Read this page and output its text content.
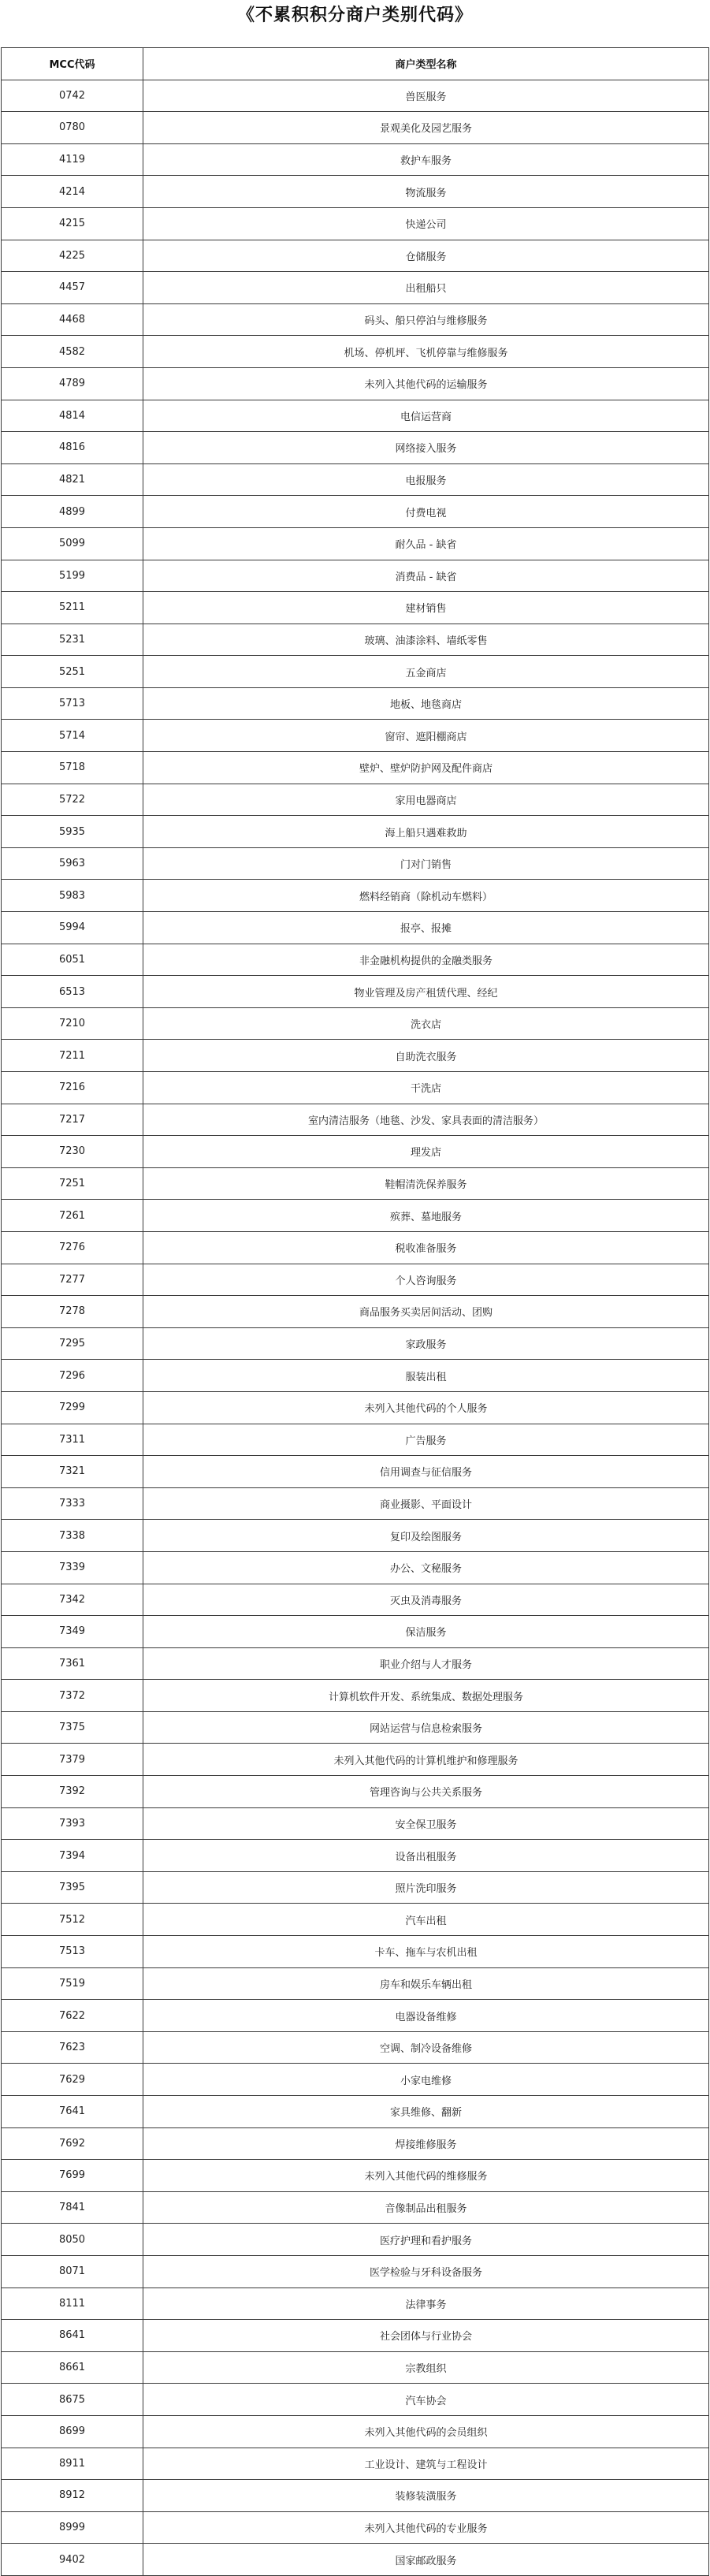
《不累积积分商户类别代码》
MCC代码	商户类型名称
0742	兽医服务
0780	景观美化及园艺服务
4119	救护车服务
4214	物流服务
4215	快递公司
4225	仓储服务
4457	出租船只
4468	码头、船只停泊与维修服务
4582	机场、停机坪、飞机停靠与维修服务
4789	未列入其他代码的运输服务
4814	电信运营商
4816	网络接入服务
4821	电报服务
4899	付费电视
5099	耐久品 - 缺省
5199	消费品 - 缺省
5211	建材销售
5231	玻璃、油漆涂料、墙纸零售
5251	五金商店
5713	地板、地毯商店
5714	窗帘、遮阳棚商店
5718	壁炉、壁炉防护网及配件商店
5722	家用电器商店
5935	海上船只遇难救助
5963	门对门销售
5983	燃料经销商（除机动车燃料）
5994	报亭、报摊
6051	非金融机构提供的金融类服务
6513	物业管理及房产租赁代理、经纪
7210	洗衣店
7211	自助洗衣服务
7216	干洗店
7217	室内清洁服务（地毯、沙发、家具表面的清洁服务）
7230	理发店
7251	鞋帽清洗保养服务
7261	殡葬、墓地服务
7276	税收准备服务
7277	个人咨询服务
7278	商品服务买卖居间活动、团购
7295	家政服务
7296	服装出租
7299	未列入其他代码的个人服务
7311	广告服务
7321	信用调查与征信服务
7333	商业摄影、平面设计
7338	复印及绘图服务
7339	办公、文秘服务
7342	灭虫及消毒服务
7349	保洁服务
7361	职业介绍与人才服务
7372	计算机软件开发、系统集成、数据处理服务
7375	网站运营与信息检索服务
7379	未列入其他代码的计算机维护和修理服务
7392	管理咨询与公共关系服务
7393	安全保卫服务
7394	设备出租服务
7395	照片洗印服务
7512	汽车出租
7513	卡车、拖车与农机出租
7519	房车和娱乐车辆出租
7622	电器设备维修
7623	空调、制冷设备维修
7629	小家电维修
7641	家具维修、翻新
7692	焊接维修服务
7699	未列入其他代码的维修服务
7841	音像制品出租服务
8050	医疗护理和看护服务
8071	医学检验与牙科设备服务
8111	法律事务
8641	社会团体与行业协会
8661	宗教组织
8675	汽车协会
8699	未列入其他代码的会员组织
8911	工业设计、建筑与工程设计
8912	装修装潢服务
8999	未列入其他代码的专业服务
9402	国家邮政服务
